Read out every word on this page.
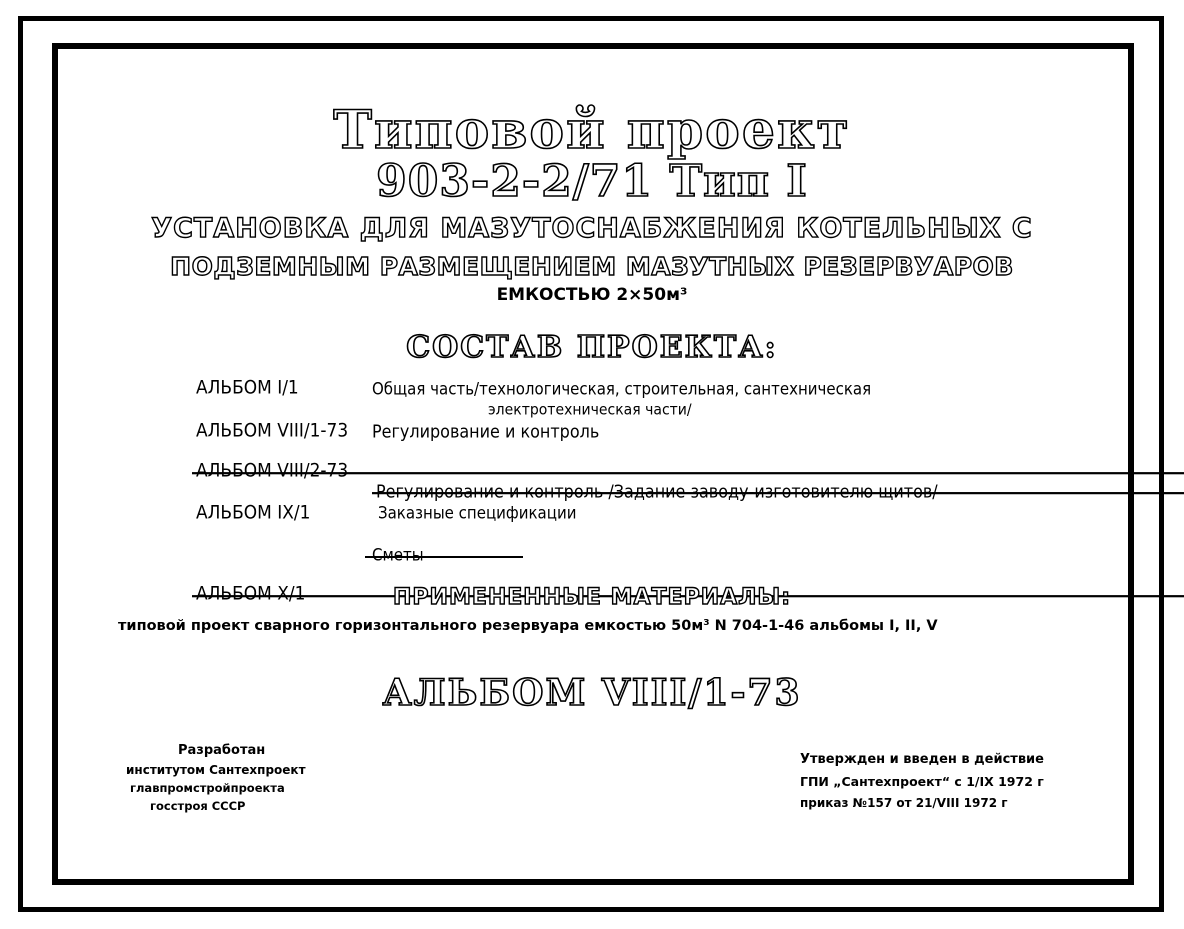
Типовой проект
903-2-2/71 Тип I
УСТАНОВКА ДЛЯ МАЗУТОСНАБЖЕНИЯ КОТЕЛЬНЫХ С
ПОДЗЕМНЫМ РАЗМЕЩЕНИЕМ МАЗУТНЫХ РЕЗЕРВУАРОВ
ЕМКОСТЬЮ 2×50м³
СОСТАВ ПРОЕКТА:
АЛЬБОМ I/1	Общая часть/технологическая, строительная, сантехническая
электротехническая части/
АЛЬБОМ VIII/1-73 Регулирование и контроль
АЛЬБОМ VIII/2-73
Регулирование и контроль /Задание заводу-изготовителю щитов/
АЛЬБОМ IX/1	Заказные спецификации
АЛЬБОМ X/1
Сметы
ПРИМЕНЕННЫЕ МАТЕРИАЛЫ:
типовой проект сварного горизонтального резервуара емкостью 50м³ N 704-1-46 альбомы I, II, V
АЛЬБОМ VIII/1-73
Разработан
институтом Сантехпроект
главпромстройпроекта
госстроя СССР
Утвержден и введен в действие
ГПИ „Сантехпроект“ с 1/IX 1972 г
приказ №157 от 21/VIII 1972 г
